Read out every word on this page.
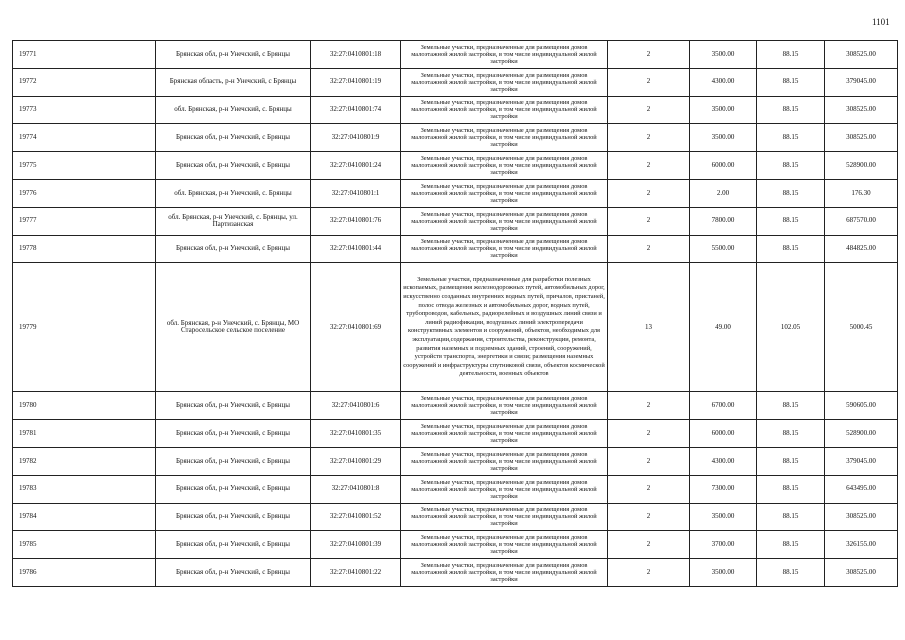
1101
19771	Брянская обл, р-н Унечский, с Брянцы	32:27:0410801:18	Земельные участки, предназначенные для размещения домов малоэтажной жилой застройки, в том числе индивидуальной жилой застройки	2	3500.00	88.15	308525.00
19772	Брянская область, р-н Унечский, с Брянцы	32:27:0410801:19	Земельные участки, предназначенные для размещения домов малоэтажной жилой застройки, в том числе индивидуальной жилой застройки	2	4300.00	88.15	379045.00
19773	обл. Брянская, р-н Унечский, с. Брянцы	32:27:0410801:74	Земельные участки, предназначенные для размещения домов малоэтажной жилой застройки, в том числе индивидуальной жилой застройки	2	3500.00	88.15	308525.00
19774	Брянская обл, р-н Унечский, с Брянцы	32:27:0410801:9	Земельные участки, предназначенные для размещения домов малоэтажной жилой застройки, в том числе индивидуальной жилой застройки	2	3500.00	88.15	308525.00
19775	Брянская обл, р-н Унечский, с Брянцы	32:27:0410801:24	Земельные участки, предназначенные для размещения домов малоэтажной жилой застройки, в том числе индивидуальной жилой застройки	2	6000.00	88.15	528900.00
19776	обл. Брянская, р-н Унечский, с. Брянцы	32:27:0410801:1	Земельные участки, предназначенные для размещения домов малоэтажной жилой застройки, в том числе индивидуальной жилой застройки	2	2.00	88.15	176.30
19777	обл. Брянская, р-н Унечский, с. Брянцы, ул. Партизанская	32:27:0410801:76	Земельные участки, предназначенные для размещения домов малоэтажной жилой застройки, в том числе индивидуальной жилой застройки	2	7800.00	88.15	687570.00
19778	Брянская обл, р-н Унечский, с Брянцы	32:27:0410801:44	Земельные участки, предназначенные для размещения домов малоэтажной жилой застройки, в том числе индивидуальной жилой застройки	2	5500.00	88.15	484825.00
19779	обл. Брянская, р-н Унечский, с. Брянцы, МО Старосельское сельское поселение	32:27:0410801:69	Земельные участки, предназначенные для разработки полезных ископаемых, размещения железнодорожных путей, автомобильных дорог, искусственно созданных внутренних водных путей, причалов, пристаней, полос отвода железных и автомобильных дорог, водных путей, трубопроводов, кабельных, радиорелейных и воздушных линий связи и линий радиофикации, воздушных линий электропередачи конструктивных элементов и сооружений, объектов, необходимых для эксплуатации,содержания, строительства, реконструкции, ремонта, развития наземных и подземных зданий, строений, сооружений, устройств транспорта, энергетики и связи; размещения наземных сооружений и инфраструктуры спутниковой связи, объектов космической деятельности, военных объектов	13	49.00	102.05	5000.45
19780	Брянская обл, р-н Унечский, с Брянцы	32:27:0410801:6	Земельные участки, предназначенные для размещения домов малоэтажной жилой застройки, в том числе индивидуальной жилой застройки	2	6700.00	88.15	590605.00
19781	Брянская обл, р-н Унечский, с Брянцы	32:27:0410801:35	Земельные участки, предназначенные для размещения домов малоэтажной жилой застройки, в том числе индивидуальной жилой застройки	2	6000.00	88.15	528900.00
19782	Брянская обл, р-н Унечский, с Брянцы	32:27:0410801:29	Земельные участки, предназначенные для размещения домов малоэтажной жилой застройки, в том числе индивидуальной жилой застройки	2	4300.00	88.15	379045.00
19783	Брянская обл, р-н Унечский, с Брянцы	32:27:0410801:8	Земельные участки, предназначенные для размещения домов малоэтажной жилой застройки, в том числе индивидуальной жилой застройки	2	7300.00	88.15	643495.00
19784	Брянская обл, р-н Унечский, с Брянцы	32:27:0410801:52	Земельные участки, предназначенные для размещения домов малоэтажной жилой застройки, в том числе индивидуальной жилой застройки	2	3500.00	88.15	308525.00
19785	Брянская обл, р-н Унечский, с Брянцы	32:27:0410801:39	Земельные участки, предназначенные для размещения домов малоэтажной жилой застройки, в том числе индивидуальной жилой застройки	2	3700.00	88.15	326155.00
19786	Брянская обл, р-н Унечский, с Брянцы	32:27:0410801:22	Земельные участки, предназначенные для размещения домов малоэтажной жилой застройки, в том числе индивидуальной жилой застройки	2	3500.00	88.15	308525.00
